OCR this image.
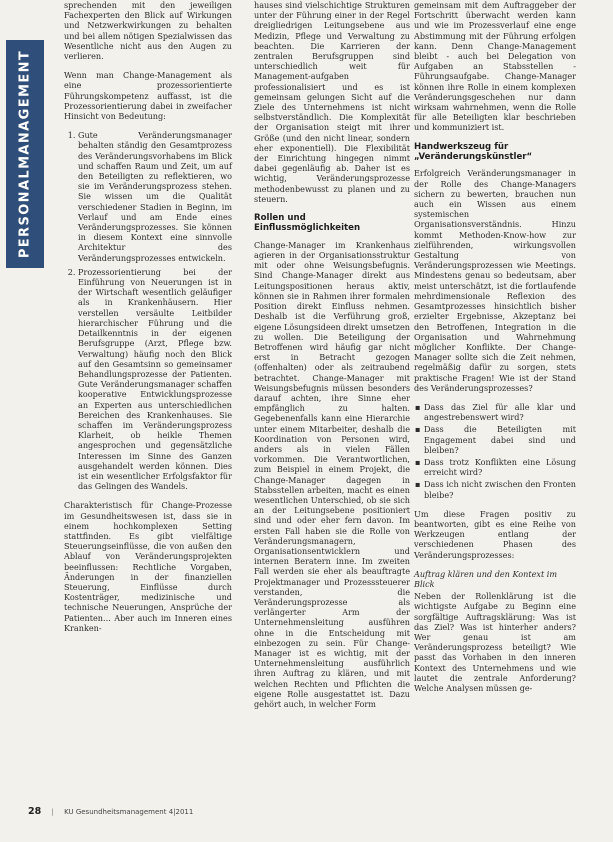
PERSONALMANAGEMENT

sprechenden mit den jeweiligen Fachexperten den Blick auf Wirkungen und Netzwerkwirkungen zu behalten und bei allem nötigen Spezialwissen das Wesentliche nicht aus den Augen zu verlieren.

Wenn man Change-Management als eine prozessorientierte Führungskompetenz auffasst, ist die Prozessorientierung dabei in zweifacher Hinsicht von Bedeutung:

1. Gute Veränderungsmanager behalten ständig den Gesamtprozess des Veränderungsvorhabens im Blick und schaffen Raum und Zeit, um auf den Beteiligten zu reflektieren, wo sie im Veränderungsprozess stehen. Sie wissen um die Qualität verschiedener Stadien in Beginn, im Verlauf und am Ende eines Veränderungsprozesses. Sie können in diesem Kontext eine sinnvolle Architektur des Veränderungsprozesses entwickeln.
2. Prozessorientierung bei der Einführung von Neuerungen ist in der Wirtschaft wesentlich geläufiger als in Krankenhäusern. Hier verstellen versäulte Leitbilder hierarchischer Führung und die Detailkenntnis in der eigenen Berufsgruppe (Arzt, Pflege bzw. Verwaltung) häufig noch den Blick auf den Gesamtsinn so gemeinsamer Behandlungsprozesse der Patienten. Gute Veränderungsmanager schaffen kooperative Entwicklungsprozesse an Experten aus unterschiedlichen Bereichen des Krankenhauses. Sie schaffen im Veränderungsprozess Klarheit, ob heikle Themen angesprochen und gegensätzliche Interessen im Sinne des Ganzen ausgehandelt werden können. Dies ist ein wesentlicher Erfolgsfaktor für das Gelingen des Wandels.

Charakteristisch für Change-Prozesse im Gesundheitswesen ist, dass sie in einem hochkomplexen Setting stattfinden. Es gibt vielfältige Steuerungseinflüsse, die von außen den Ablauf von Veränderungsprojekten beeinflussen: Rechtliche Vorgaben, Änderungen in der finanziellen Steuerung, Einflüsse durch Kostenträger, medizinische und technische Neuerungen, Ansprüche der Patienten... Aber auch im Inneren eines Kranken-

hauses sind vielschichtige Strukturen unter der Führung einer in der Regel dreigliedrigen Leitungsebene aus Medizin, Pflege und Verwaltung zu beachten. Die Karrieren der zentralen Berufsgruppen sind unterschiedlich weit für Management-aufgaben professionalisiert und es ist gemeinsam gelungen Sicht auf die Ziele des Unternehmens ist nicht selbstverständlich. Die Komplexität der Organisation steigt mit ihrer Größe (und den nicht linear, sondern eher exponentiell). Die Flexibilität der Einrichtung hingegen nimmt dabei gegenläufig ab. Daher ist es wichtig, Veränderungsprozesse methodenbewusst zu planen und zu steuern.

Rollen und Einflussmöglichkeiten

Change-Manager im Krankenhaus agieren in der Organisationsstruktur mit oder ohne Weisungsbefugnis. Sind Change-Manager direkt aus Leitungspositionen heraus aktiv, können sie in Rahmen ihrer formalen Position direkt Einfluss nehmen. Deshalb ist die Verführung groß, eigene Lösungsideen direkt umsetzen zu wollen. Die Beteiligung der Betroffenen wird häufig gar nicht erst in Betracht gezogen (offenhalten) oder als zeitraubend betrachtet. Change-Manager mit Weisungsbefugnis müssen besonders darauf achten, ihre Sinne eher empfänglich zu halten. Gegebenenfalls kann eine Hierarchie unter einem Mitarbeiter, deshalb die Koordination von Personen wird, anders als in vielen Fällen vorkommen. Die Verantwortlichen, zum Beispiel in einem Projekt, die Change-Manager dagegen in Stabsstellen arbeiten, macht es einen wesentlichen Unterschied, ob sie sich an der Leitungsebene positioniert sind und oder eher fern davon. Im ersten Fall haben sie die Rolle von Veränderungsmanagern, Organisationsentwicklern und internen Beratern inne. Im zweiten Fall werden sie eher als beauftragte Projektmanager und Prozesssteuerer verstanden, die Veränderungsprozesse als verlängerter Arm der Unternehmensleitung ausführen ohne in die Entscheidung mit einbezogen zu sein. Für Change-Manager ist es wichtig, mit der Unternehmensleitung ausführlich ihren Auftrag zu klären, und mit welchen Rechten und Pflichten die eigene Rolle ausgestattet ist. Dazu gehört auch, in welcher Form

gemeinsam mit dem Auftraggeber der Fortschritt überwacht werden kann und wie im Prozessverlauf eine enge Abstimmung mit der Führung erfolgen kann. Denn Change-Management bleibt - auch bei Delegation von Aufgaben an Stabsstellen - Führungsaufgabe. Change-Manager können ihre Rolle in einem komplexen Veränderungsgeschehen nur dann wirksam wahrnehmen, wenn die Rolle für alle Beteiligten klar beschrieben und kommuniziert ist.

Handwerkszeug für „Veränderungskünstler“

Erfolgreich Veränderungsmanager in der Rolle des Change-Managers sichern zu bewerten, brauchen nun auch ein Wissen aus einem systemischen Organisationsverständnis. Hinzu kommt Methoden-Know-how zur zielführenden, wirkungsvollen Gestaltung von Veränderungsprozessen wie Meetings. Mindestens genau so bedeutsam, aber meist unterschätzt, ist die fortlaufende mehrdimensionale Reflexion des Gesamtprozesses hinsichtlich bisher erzielter Ergebnisse, Akzeptanz bei den Betroffenen, Integration in die Organisation und Wahrnehmung möglicher Konflikte. Der Change-Manager sollte sich die Zeit nehmen, regelmäßig dafür zu sorgen, stets praktische Fragen! Wie ist der Stand des Veränderungsprozesses?

▪ Dass das Ziel für alle klar und angestrebenswert wird?
▪ Dass die Beteiligten mit Engagement dabei sind und bleiben?
▪ Dass trotz Konflikten eine Lösung erreicht wird?
▪ Dass ich nicht zwischen den Fronten bleibe?

Um diese Fragen positiv zu beantworten, gibt es eine Reihe von Werkzeugen entlang der verschiedenen Phasen des Veränderungsprozesses:

Auftrag klären und den Kontext im Blick

Neben der Rollenklärung ist die wichtigste Aufgabe zu Beginn eine sorgfältige Auftragsklärung: Was ist das Ziel? Was ist hinterher anders? Wer genau ist am Veränderungsprozess beteiligt? Wie passt das Vorhaben in den inneren Kontext des Unternehmens und wie lautet die zentrale Anforderung? Welche Analysen müssen ge-

28 | KU Gesundheitsmanagement 4|2011
